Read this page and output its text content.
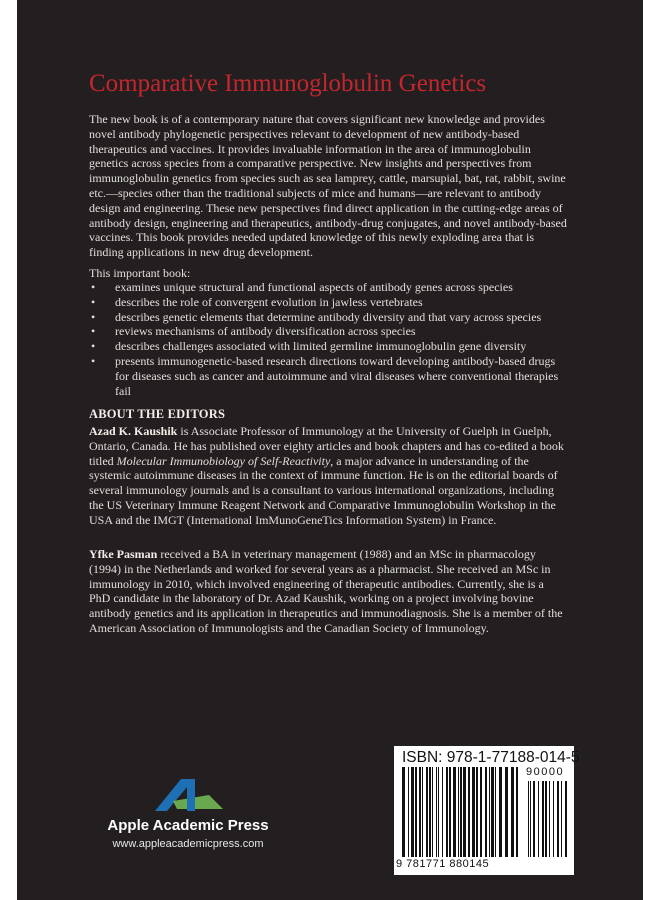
Comparative Immunoglobulin Genetics

The new book is of a contemporary nature that covers significant new knowledge and provides novel antibody phylogenetic perspectives relevant to development of new antibody-based therapeutics and vaccines. It provides invaluable information in the area of immunoglobulin genetics across species from a comparative perspective. New insights and perspectives from immunoglobulin genetics from species such as sea lamprey, cattle, marsupial, bat, rat, rabbit, swine etc.—species other than the traditional subjects of mice and humans—are relevant to antibody design and engineering. These new perspectives find direct application in the cutting-edge areas of antibody design, engineering and therapeutics, antibody-drug conjugates, and novel antibody-based vaccines. This book provides needed updated knowledge of this newly exploding area that is finding applications in new drug development.

This important book:

• examines unique structural and functional aspects of antibody genes across species
• describes the role of convergent evolution in jawless vertebrates
• describes genetic elements that determine antibody diversity and that vary across species
• reviews mechanisms of antibody diversification across species
• describes challenges associated with limited germline immunoglobulin gene diversity
• presents immunogenetic-based research directions toward developing antibody-based drugs for diseases such as cancer and autoimmune and viral diseases where conventional therapies fail
ABOUT THE EDITORS

Azad K. Kaushik is Associate Professor of Immunology at the University of Guelph in Guelph, Ontario, Canada. He has published over eighty articles and book chapters and has co-edited a book titled Molecular Immunobiology of Self-Reactivity, a major advance in understanding of the systemic autoimmune diseases in the context of immune function. He is on the editorial boards of several immunology journals and is a consultant to various international organizations, including the US Veterinary Immune Reagent Network and Comparative Immunoglobulin Workshop in the USA and the IMGT (International ImMunoGeneTics Information System) in France.

Yfke Pasman received a BA in veterinary management (1988) and an MSc in pharmacology (1994) in the Netherlands and worked for several years as a pharmacist. She received an MSc in immunology in 2010, which involved engineering of therapeutic antibodies. Currently, she is a PhD candidate in the laboratory of Dr. Azad Kaushik, working on a project involving bovine antibody genetics and its application in therapeutics and immunodiagnosis. She is a member of the American Association of Immunologists and the Canadian Society of Immunology.

Apple Academic Press
www.appleacademicpress.com
ISBN: 978-1-77188-014-5
90000
9 781771 880145
